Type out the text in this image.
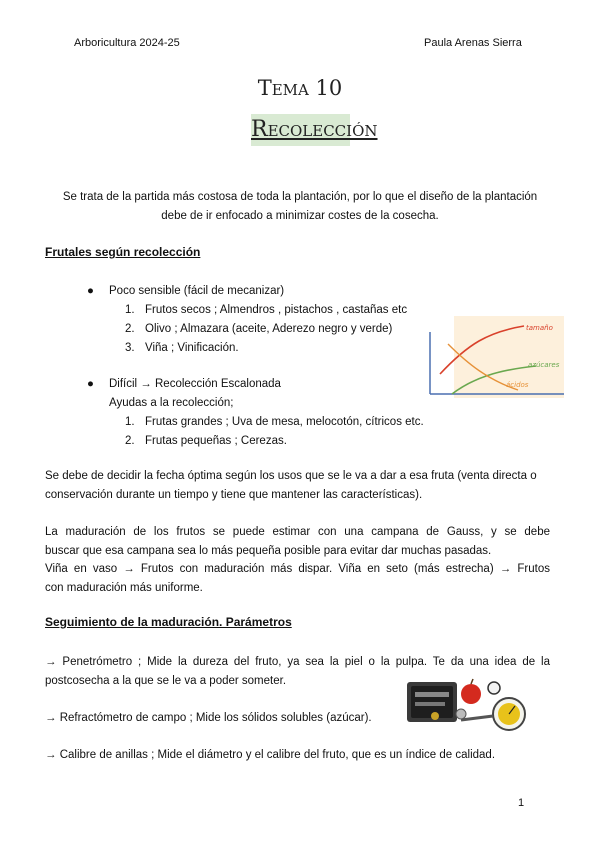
Arboricultura 2024-25	Paula Arenas Sierra
Tema 10
Recolección
Se trata de la partida más costosa de toda la plantación, por lo que el diseño de la plantación
debe de ir enfocado a minimizar costes de la cosecha.
Frutales según recolección
● Poco sensible (fácil de mecanizar)
1. Frutos secos ; Almendros , pistachos , castañas etc
2. Olivo ; Almazara (aceite, Aderezo negro y verde)
3. Viña ; Vinificación.
● Difícil → Recolección Escalonada
Ayudas a la recolección;
1. Frutas grandes ; Uva de mesa, melocotón, cítricos etc.
2. Frutas pequeñas ; Cerezas.
tamaño
azúcares
ácidos
Se debe de decidir la fecha óptima según los usos que se le va a dar a esa fruta (venta directa o
conservación durante un tiempo y tiene que mantener las características).
La maduración de los frutos se puede estimar con una campana de Gauss, y se debe
buscar que esa campana sea lo más pequeña posible para evitar dar muchas pasadas.
Viña en vaso → Frutos con maduración más dispar. Viña en seto (más estrecha) → Frutos
con maduración más uniforme.
Seguimiento de la maduración. Parámetros
→ Penetrómetro ; Mide la dureza del fruto, ya sea la piel o la pulpa. Te da una idea de la
postcosecha a la que se le va a poder someter.
→ Refractómetro de campo ; Mide los sólidos solubles (azúcar).
→ Calibre de anillas ; Mide el diámetro y el calibre del fruto, que es un índice de calidad.
1
